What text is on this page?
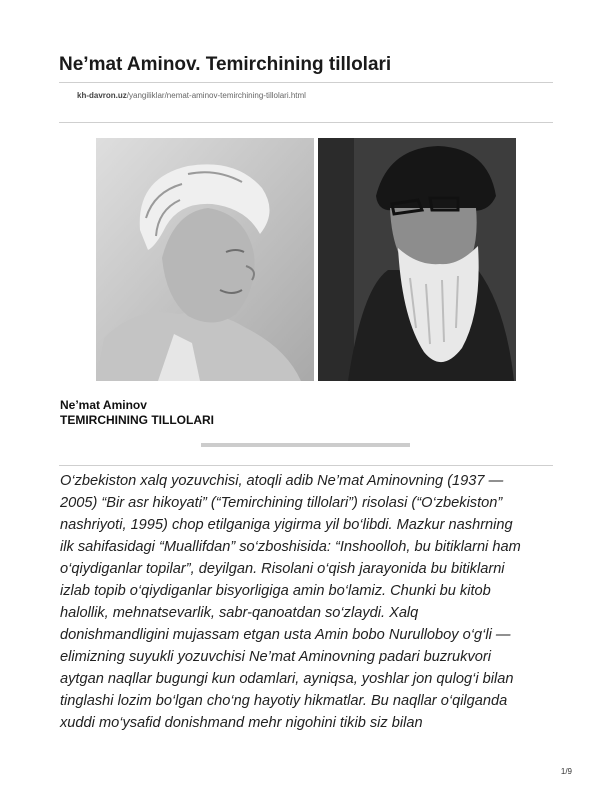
Ne’mat Aminov. Temirchining tillolari
kh-davron.uz/yangiliklar/nemat-aminov-temirchining-tillolari.html
Ne’mat Aminov
TEMIRCHINING TILLOLARI
O‘zbekiston xalq yozuvchisi, atoqli adib Ne’mat Aminovning (1937 —
2005) “Bir asr hikoyati” (“Temirchining tillolari”) risolasi (“O‘zbekiston”
nashriyoti, 1995) chop etilganiga yigirma yil bo‘libdi. Mazkur nashrning
ilk sahifasidagi “Muallifdan” so‘zboshisida: “Inshoolloh, bu bitiklarni ham
o‘qiydiganlar topilar”, deyilgan. Risolani o‘qish jarayonida bu bitiklarni
izlab topib o‘qiydiganlar bisyorligiga amin bo‘lamiz. Chunki bu kitob
halollik, mehnatsevarlik, sabr-qanoatdan so‘zlaydi. Xalq
donishmandligini mujassam etgan usta Amin bobo Nurulloboy o‘g‘li —
elimizning suyukli yozuvchisi Ne’mat Aminovning padari buzrukvori
aytgan naqllar bugungi kun odamlari, ayniqsa, yoshlar jon qulog‘i bilan
tinglashi lozim bo‘lgan cho‘ng hayotiy hikmatlar. Bu naqllar o‘qilganda
xuddi mo‘ysafid donishmand mehr nigohini tikib siz bilan
1/9
